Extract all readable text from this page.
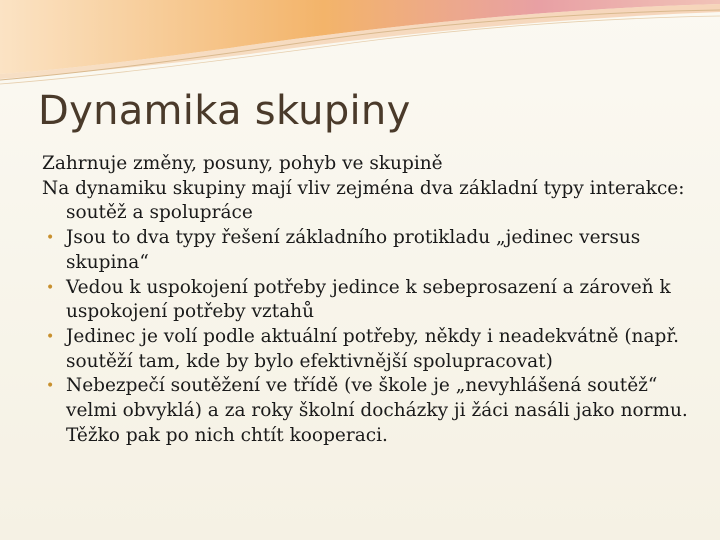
Dynamika skupiny

Zahrnuje změny, posuny, pohyb ve skupině

Na dynamiku skupiny mají vliv zejména dva základní typy interakce: soutěž a spolupráce

• Jsou to dva typy řešení základního protikladu „jedinec versus skupina“
• Vedou k uspokojení potřeby jedince k sebeprosazení a zároveň k uspokojení potřeby vztahů
• Jedinec je volí podle aktuální potřeby, někdy i neadekvátně (např. soutěží tam, kde by bylo efektivnější spolupracovat)
• Nebezpečí soutěžení ve třídě (ve škole je „nevyhlášená soutěž“ velmi obvyklá) a za roky školní docházky ji žáci nasáli jako normu. Těžko pak po nich chtít kooperaci.
